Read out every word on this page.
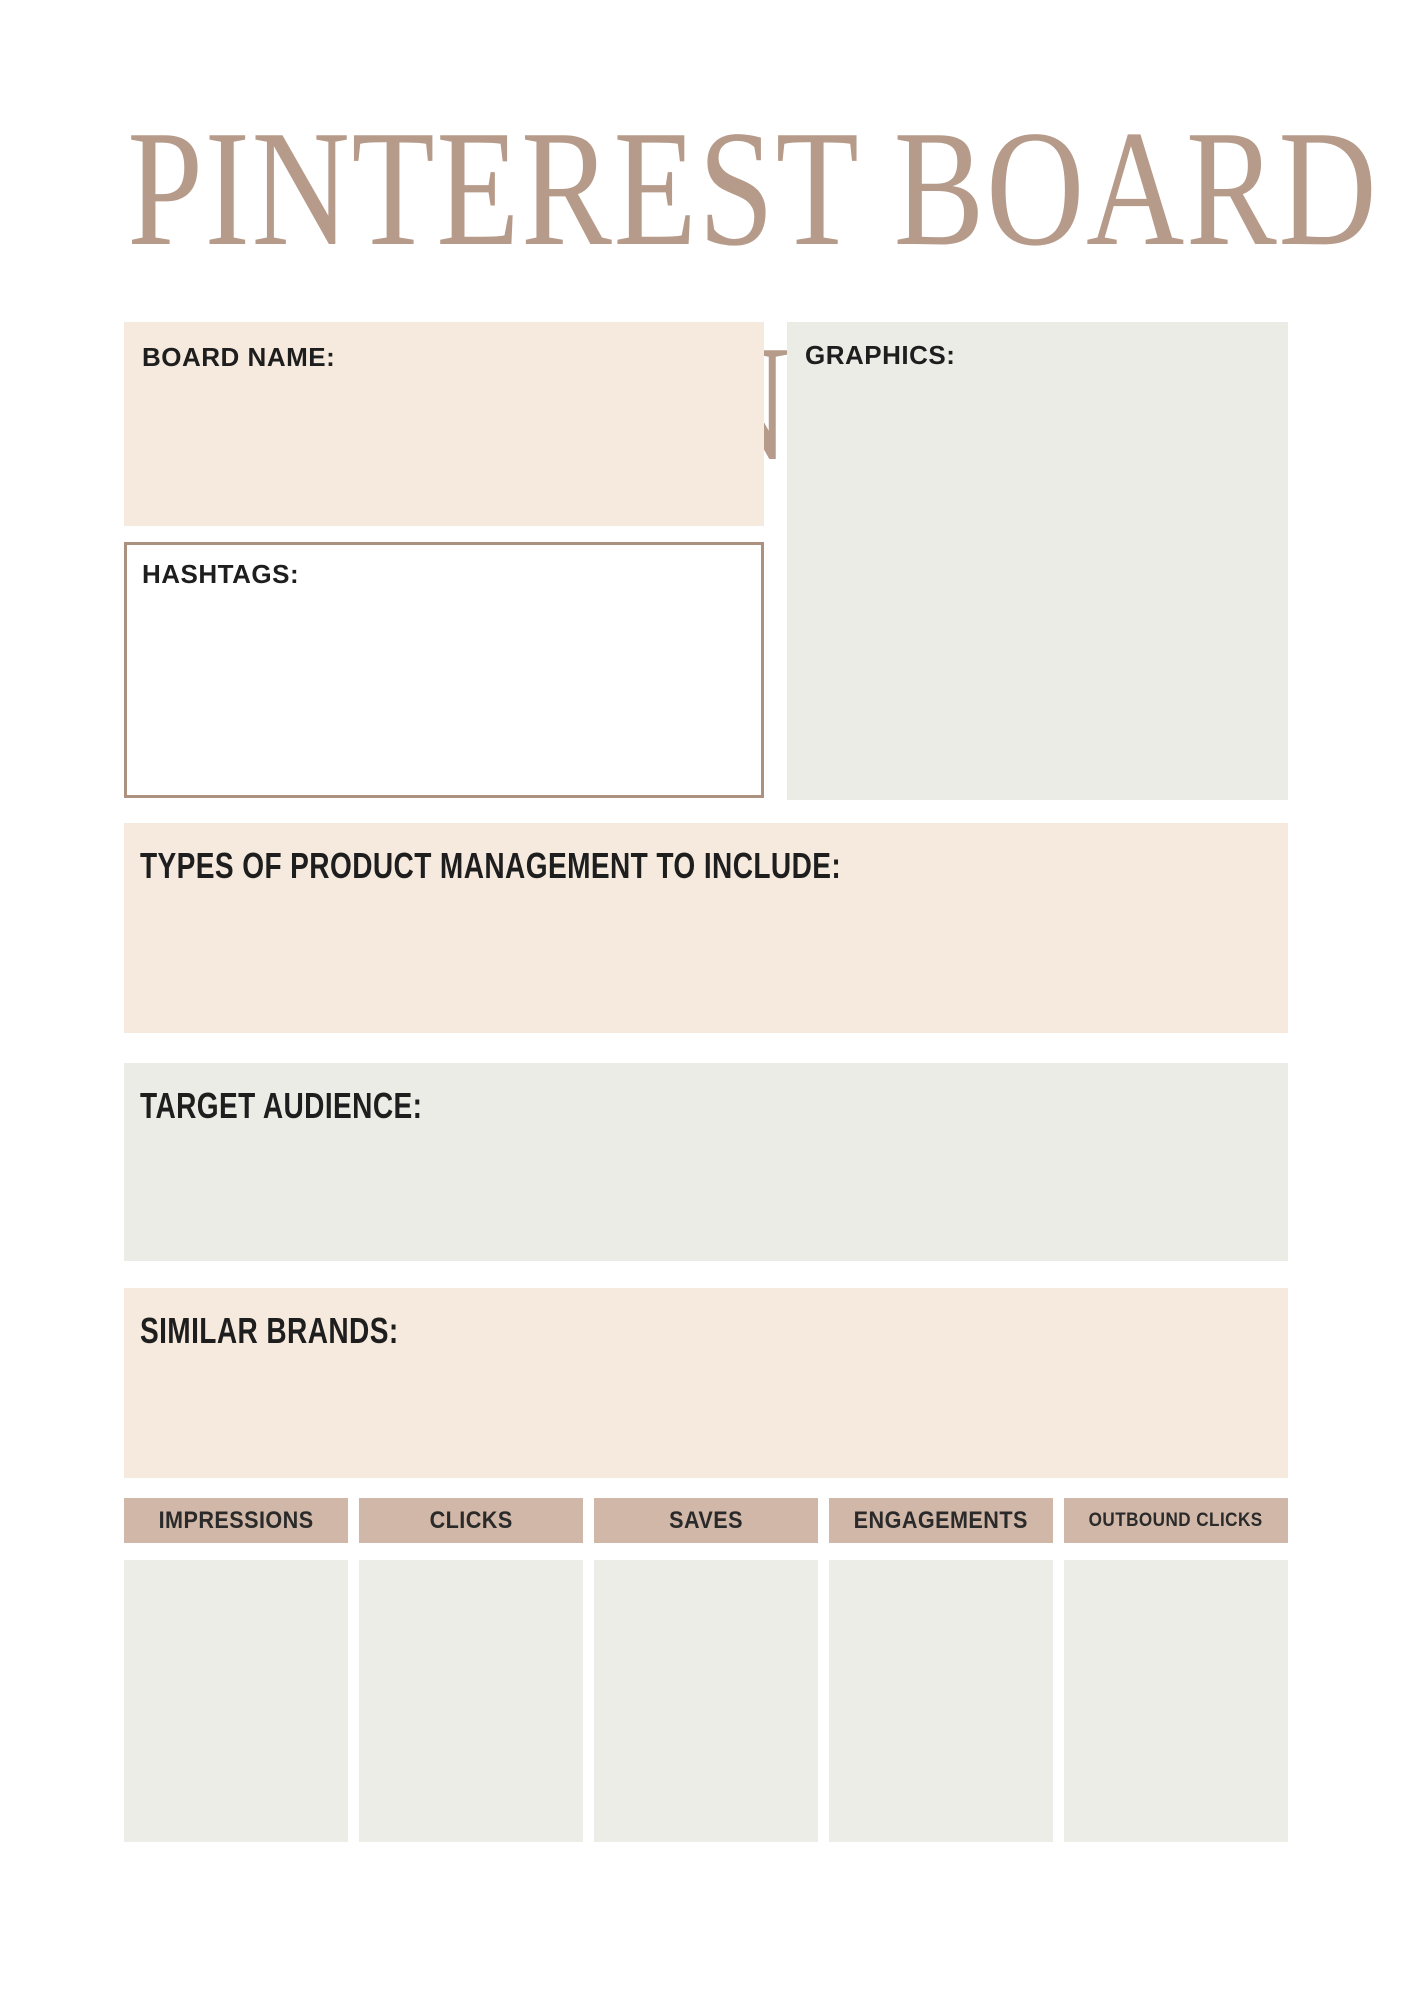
PINTEREST BOARD
BOARD NAME:	GRAPHICS:
HASHTAGS:
TYPES OF PRODUCT MANAGEMENT TO INCLUDE:
TARGET AUDIENCE:
SIMILAR BRANDS:
IMPRESSIONS	CLICKS	SAVES	ENGAGEMENTS	OUTBOUND CLICKS
